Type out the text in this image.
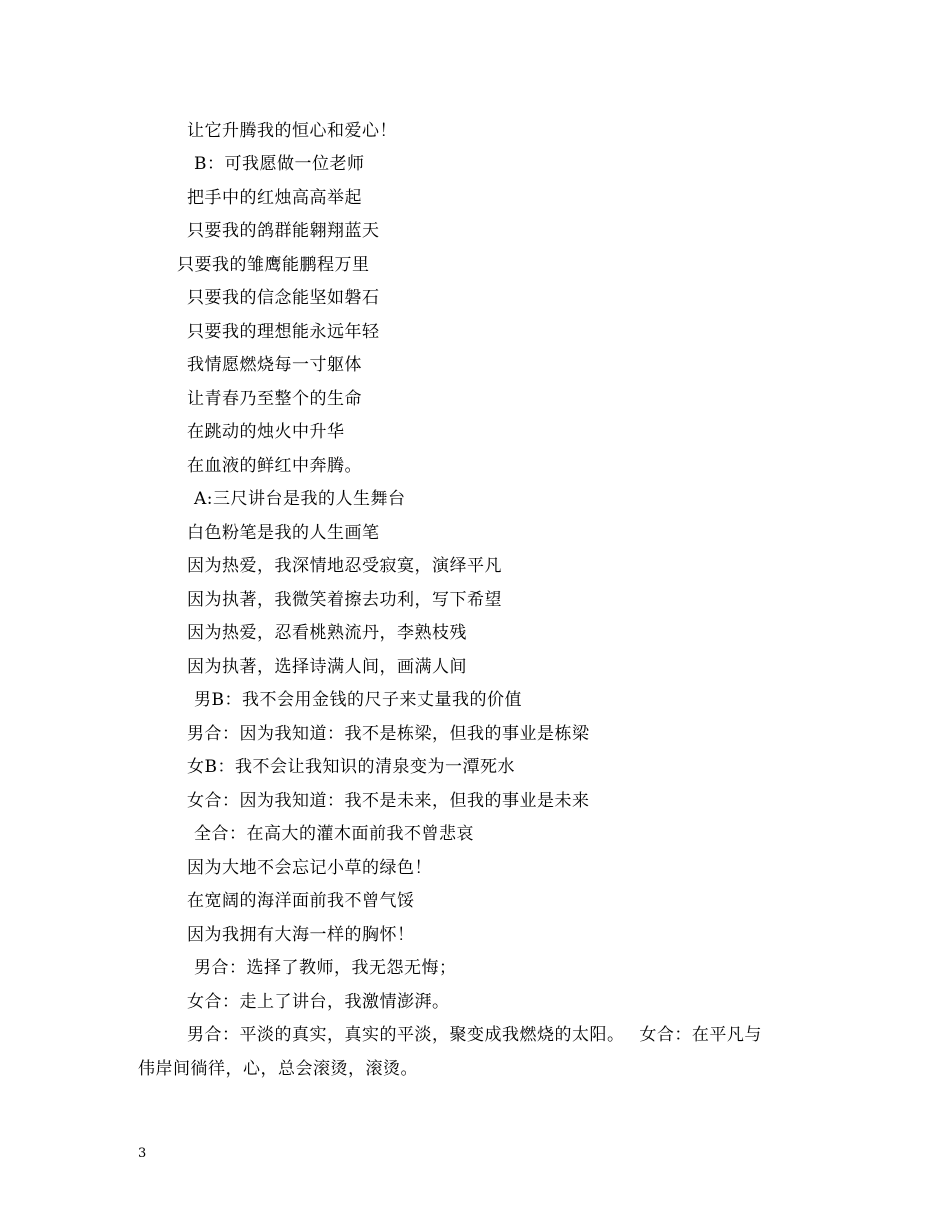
让它升腾我的恒心和爱心！
B：可我愿做一位老师
把手中的红烛高高举起
只要我的鸽群能翱翔蓝天
只要我的雏鹰能鹏程万里
只要我的信念能坚如磐石
只要我的理想能永远年轻
我情愿燃烧每一寸躯体
让青春乃至整个的生命
在跳动的烛火中升华
在血液的鲜红中奔腾。
A:三尺讲台是我的人生舞台
白色粉笔是我的人生画笔
因为热爱，我深情地忍受寂寞，演绎平凡
因为执著，我微笑着擦去功利，写下希望
因为热爱，忍看桃熟流丹，李熟枝残
因为执著，选择诗满人间，画满人间
男B：我不会用金钱的尺子来丈量我的价值
男合：因为我知道：我不是栋梁，但我的事业是栋梁
女B：我不会让我知识的清泉变为一潭死水
女合：因为我知道：我不是未来，但我的事业是未来
全合：在高大的灌木面前我不曾悲哀
因为大地不会忘记小草的绿色！
在宽阔的海洋面前我不曾气馁
因为我拥有大海一样的胸怀！
男合：选择了教师，我无怨无悔；
女合：走上了讲台，我激情澎湃。
男合：平淡的真实，真实的平淡，聚变成我燃烧的太阳。　 女合：在平凡与
伟岸间徜徉，心，总会滚烫，滚烫。
3
